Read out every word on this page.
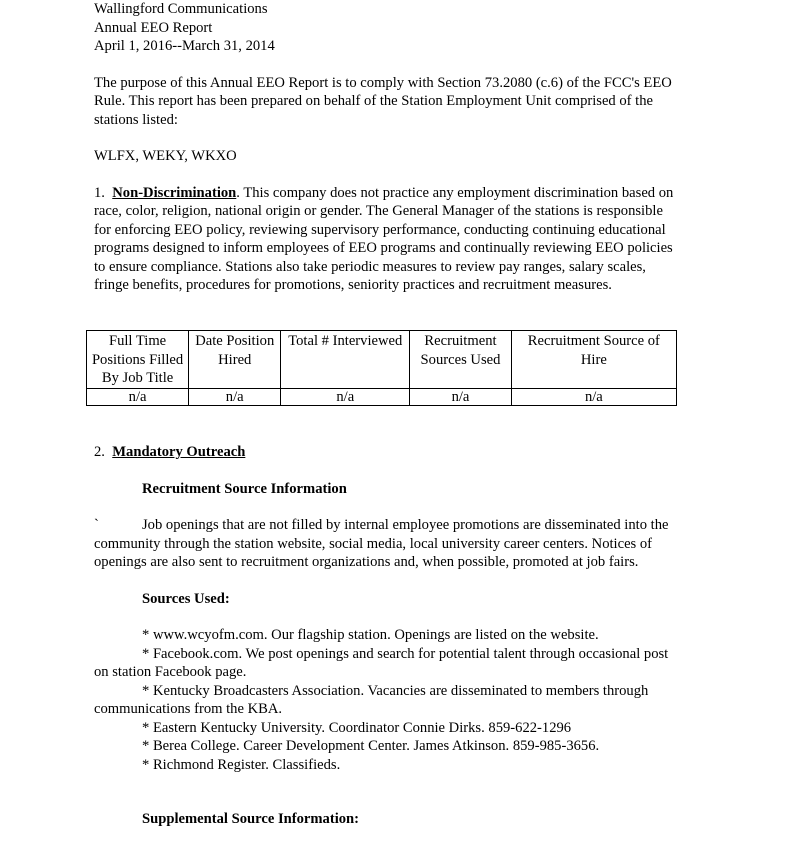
Wallingford Communications
Annual EEO Report
April 1, 2016--March 31, 2014

The purpose of this Annual EEO Report is to comply with Section 73.2080 (c.6) of the FCC's EEO Rule. This report has been prepared on behalf of the Station Employment Unit comprised of the stations listed:

WLFX, WEKY, WKXO

1. Non-Discrimination. This company does not practice any employment discrimination based on race, color, religion, national origin or gender. The General Manager of the stations is responsible for enforcing EEO policy, reviewing supervisory performance, conducting continuing educational programs designed to inform employees of EEO programs and continually reviewing EEO policies to ensure compliance. Stations also take periodic measures to review pay ranges, salary scales, fringe benefits, procedures for promotions, seniority practices and recruitment measures.

Full Time Positions Filled By Job Title	Date Position Hired	Total # Interviewed	Recruitment Sources Used	Recruitment Source of Hire
n/a	n/a	n/a	n/a	n/a

2. Mandatory Outreach

Recruitment Source Information

`	Job openings that are not filled by internal employee promotions are disseminated into the community through the station website, social media, local university career centers. Notices of openings are also sent to recruitment organizations and, when possible, promoted at job fairs.

Sources Used:

* www.wcyofm.com. Our flagship station. Openings are listed on the website.

* Facebook.com. We post openings and search for potential talent through occasional post on station Facebook page.

* Kentucky Broadcasters Association. Vacancies are disseminated to members through communications from the KBA.

* Eastern Kentucky University. Coordinator Connie Dirks. 859-622-1296

* Berea College. Career Development Center. James Atkinson. 859-985-3656.

* Richmond Register. Classifieds.

Supplemental Source Information:
